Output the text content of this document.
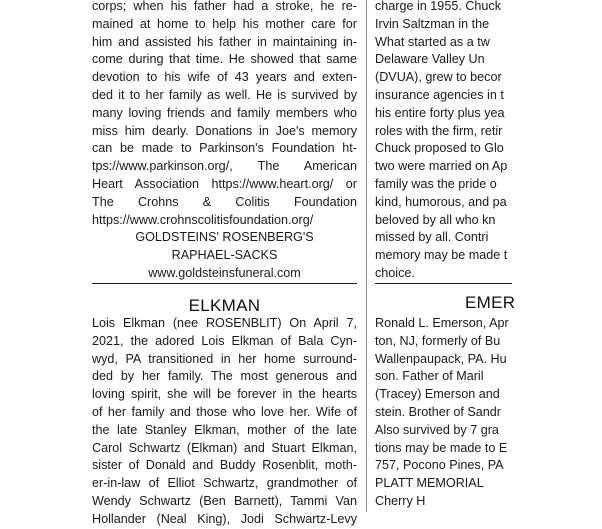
corps; when his father had a stroke, he re-
mained at home to help his mother care for
him and assisted his father in maintaining in-
come during that time. He showed that same
devotion to his wife of 43 years and exten-
ded it to her family as well. He is survived by
many loving friends and family members who
miss him dearly. Donations in Joe's memory
can be made to Parkinson's Foundation ht-
tps://www.parkinson.org/, The American
Heart Association https://www.heart.org/ or
The Crohns & Colitis Foundation
https://www.crohnscolitisfoundation.org/
GOLDSTEINS' ROSENBERG'S
RAPHAEL-SACKS
www.goldsteinsfuneral.com
ELKMAN
Lois Elkman (nee ROSENBLIT) On April 7,
2021, the adored Lois Elkman of Bala Cyn-
wyd, PA transitioned in her home surround-
ded by her family. The most generous and
loving spirit, she will be forever in the hearts
of her family and those who love her. Wife of
the late Stanley Elkman, mother of the late
Carol Schwartz (Elkman) and Stuart Elkman,
sister of Donald and Buddy Rosenblit, moth-
er-in-law of Elliot Schwartz, grandmother of
Wendy Schwartz (Ben Barnett), Tammi Van
Hollander (Neal King), Jodi Schwartz-Levy
charge in 1955. Chuck
Irvin Saltzman in the
What started as a tw
Delaware Valley Un
(DVUA), grew to becor
insurance agencies in t
his entire forty plus yea
roles with the firm, retir
Chuck proposed to Glo
two were married on Ap
family was the pride o
kind, humorous, and pa
beloved by all who kn
missed by all. Contri
memory may be made t
choice.
EMER
Ronald L. Emerson, Apr
ton, NJ, formerly of Bu
Wallenpaupack, PA. Hu
son. Father of Maril
(Tracey) Emerson and
stein. Brother of Sandr
Also survived by 7 gra
tions may be made to E
757, Pocono Pines, PA
PLATT MEMORIAL
Cherry H
